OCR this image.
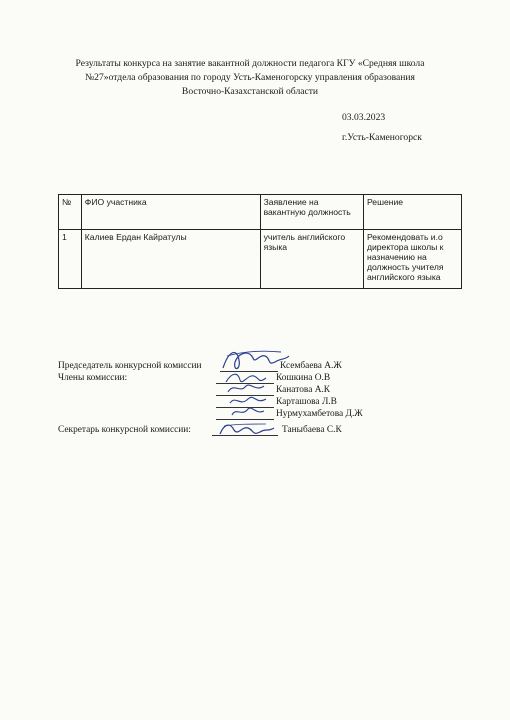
Результаты конкурса на занятие вакантной должности педагога КГУ «Средняя школа
№27»отдела образования по городу Усть-Каменогорску управления образования
Восточно-Казахстанской области
03.03.2023
г.Усть-Каменогорск
№	ФИО участника	Заявление на вакантную должность	Решение
1	Калиев Ердан Кайратулы	учитель английского языка	Рекомендовать и.о директора школы к назначению на должность учителя английского языка
Председатель конкурсной комиссии
Члены комиссии:
Секретарь конкурсной комиссии:
Ксембаева А.Ж
Кошкина О.В
Канатова А.К
Карташова Л.В
Нурмухамбетова Д.Ж
Таныбаева С.К
